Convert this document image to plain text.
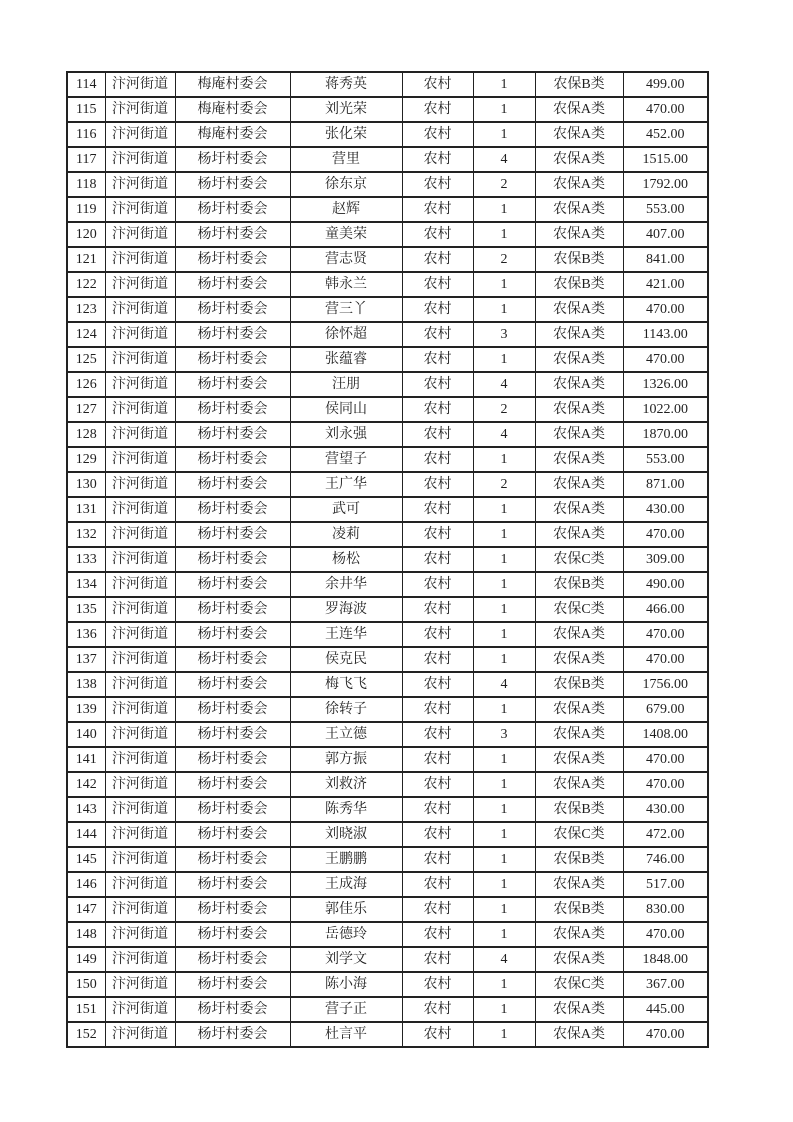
114	汴河街道	梅庵村委会	蒋秀英	农村	1	农保B类	499.00
115	汴河街道	梅庵村委会	刘光荣	农村	1	农保A类	470.00
116	汴河街道	梅庵村委会	张化荣	农村	1	农保A类	452.00
117	汴河街道	杨圩村委会	营里	农村	4	农保A类	1515.00
118	汴河街道	杨圩村委会	徐东京	农村	2	农保A类	1792.00
119	汴河街道	杨圩村委会	赵辉	农村	1	农保A类	553.00
120	汴河街道	杨圩村委会	童美荣	农村	1	农保A类	407.00
121	汴河街道	杨圩村委会	营志贤	农村	2	农保B类	841.00
122	汴河街道	杨圩村委会	韩永兰	农村	1	农保B类	421.00
123	汴河街道	杨圩村委会	营三丫	农村	1	农保A类	470.00
124	汴河街道	杨圩村委会	徐怀超	农村	3	农保A类	1143.00
125	汴河街道	杨圩村委会	张蕴睿	农村	1	农保A类	470.00
126	汴河街道	杨圩村委会	汪朋	农村	4	农保A类	1326.00
127	汴河街道	杨圩村委会	侯同山	农村	2	农保A类	1022.00
128	汴河街道	杨圩村委会	刘永强	农村	4	农保A类	1870.00
129	汴河街道	杨圩村委会	营望子	农村	1	农保A类	553.00
130	汴河街道	杨圩村委会	王广华	农村	2	农保A类	871.00
131	汴河街道	杨圩村委会	武可	农村	1	农保A类	430.00
132	汴河街道	杨圩村委会	凌莉	农村	1	农保A类	470.00
133	汴河街道	杨圩村委会	杨松	农村	1	农保C类	309.00
134	汴河街道	杨圩村委会	余井华	农村	1	农保B类	490.00
135	汴河街道	杨圩村委会	罗海波	农村	1	农保C类	466.00
136	汴河街道	杨圩村委会	王连华	农村	1	农保A类	470.00
137	汴河街道	杨圩村委会	侯克民	农村	1	农保A类	470.00
138	汴河街道	杨圩村委会	梅飞飞	农村	4	农保B类	1756.00
139	汴河街道	杨圩村委会	徐转子	农村	1	农保A类	679.00
140	汴河街道	杨圩村委会	王立德	农村	3	农保A类	1408.00
141	汴河街道	杨圩村委会	郭方振	农村	1	农保A类	470.00
142	汴河街道	杨圩村委会	刘救济	农村	1	农保A类	470.00
143	汴河街道	杨圩村委会	陈秀华	农村	1	农保B类	430.00
144	汴河街道	杨圩村委会	刘晓淑	农村	1	农保C类	472.00
145	汴河街道	杨圩村委会	王鹏鹏	农村	1	农保B类	746.00
146	汴河街道	杨圩村委会	王成海	农村	1	农保A类	517.00
147	汴河街道	杨圩村委会	郭佳乐	农村	1	农保B类	830.00
148	汴河街道	杨圩村委会	岳德玲	农村	1	农保A类	470.00
149	汴河街道	杨圩村委会	刘学文	农村	4	农保A类	1848.00
150	汴河街道	杨圩村委会	陈小海	农村	1	农保C类	367.00
151	汴河街道	杨圩村委会	营子正	农村	1	农保A类	445.00
152	汴河街道	杨圩村委会	杜言平	农村	1	农保A类	470.00
